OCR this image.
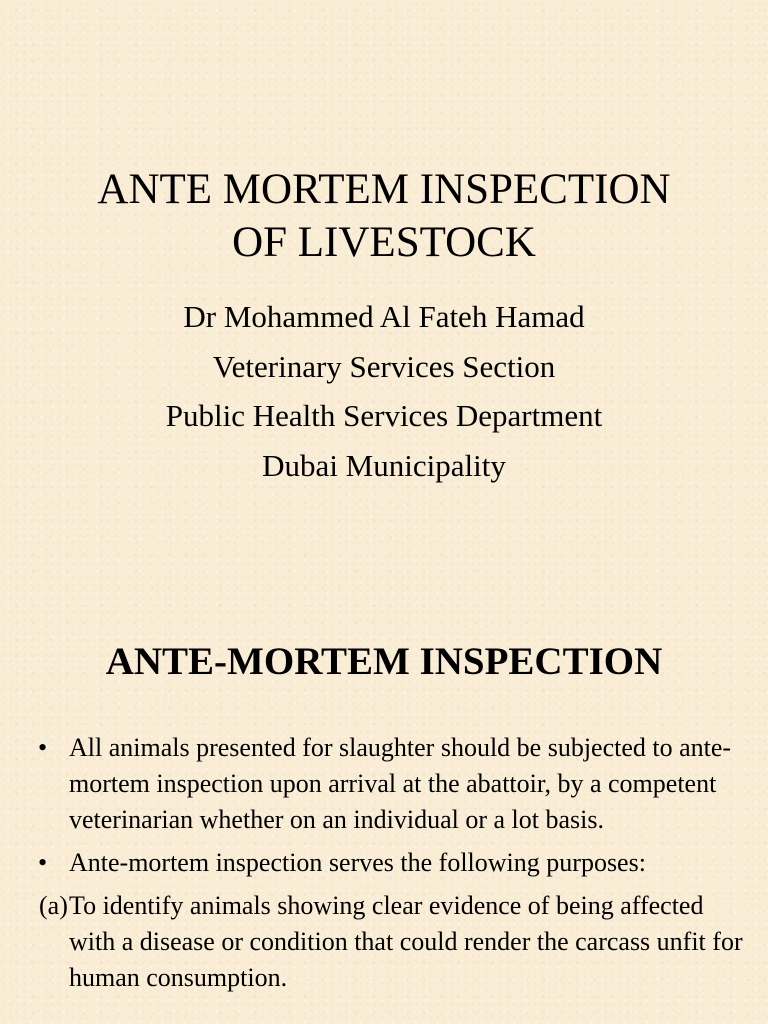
ANTE MORTEM INSPECTION
OF LIVESTOCK
Dr Mohammed Al Fateh Hamad
Veterinary Services Section
Public Health Services Department
Dubai Municipality
ANTE-MORTEM INSPECTION
• All animals presented for slaughter should be subjected to ante-mortem inspection upon arrival at the abattoir, by a competent veterinarian whether on an individual or a lot basis.
• Ante-mortem inspection serves the following purposes:
(a) To identify animals showing clear evidence of being affected with a disease or condition that could render the carcass unfit for human consumption.
